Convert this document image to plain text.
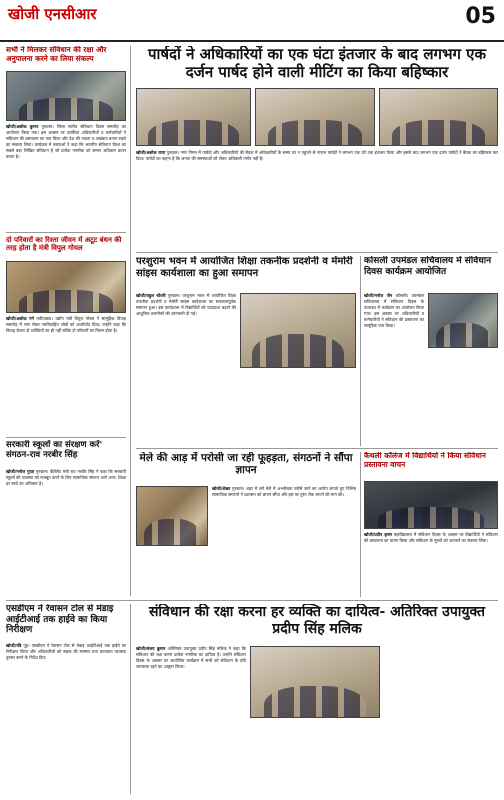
खोजी एनसीआर	05
सभी ने मिलकर संविधान की रक्षा और अनुपालना करने का लिया संकल्प
खोजी/अशोक कुमार गुरुग्राम। जिला स्तरीय संविधान दिवस समारोह का आयोजन किया गया। इस अवसर पर उपस्थित अधिकारियों व कर्मचारियों ने संविधान की प्रस्तावना का पाठ किया और देश की एकता व अखंडता बनाए रखने का संकल्प लिया। कार्यक्रम में वक्ताओं ने कहा कि भारतीय संविधान विश्व का सबसे बड़ा लिखित संविधान है जो प्रत्येक नागरिक को समान अधिकार प्रदान करता है।
दो परिवारों का रिश्ता जीवन में अटूट बंधन की तरह होता है मंत्री विपुल गोयल
खोजी/अशोक गर्ग फरीदाबाद। उद्योग मंत्री विपुल गोयल ने सामूहिक विवाह समारोह में भाग लेकर नवविवाहित जोड़ों को आशीर्वाद दिया। उन्होंने कहा कि विवाह केवल दो व्यक्तियों का ही नहीं बल्कि दो परिवारों का मिलन होता है।
सरकारी स्कूलों का संरक्षण करें' संगठन-राव नरबीर सिंह
खोजी/मनोज गुप्ता गुरुग्राम। कैबिनेट मंत्री राव नरबीर सिंह ने कहा कि सरकारी स्कूलों की व्यवस्था को मजबूत करने के लिए सामाजिक संगठन आगे आएं। शिक्षा हर बच्चे का अधिकार है।
पार्षदों ने अधिकारियों का एक घंटा इंतजार के बाद लगभग एक दर्जन पार्षद होने वाली मीटिंग का किया बहिष्कार
खोजी/अशोक राणा गुरुग्राम। नगर निगम में पार्षदों और अधिकारियों की बैठक में अधिकारियों के समय पर न पहुंचने से नाराज पार्षदों ने लगभग एक घंटे तक इंतजार किया और इसके बाद लगभग एक दर्जन पार्षदों ने बैठक का बहिष्कार कर दिया। पार्षदों का कहना है कि जनता की समस्याओं को लेकर अधिकारी गंभीर नहीं हैं।
परशुराम भवन में आयोजित शिक्षा तकनीक प्रदर्शनी व मेंमोरी सांइस कार्यशाला का हुआ समापन
खोजी/राहुल चौधरी गुरुग्राम। परशुराम भवन में आयोजित शिक्षा तकनीक प्रदर्शनी व मेमोरी साइंस कार्यशाला का सफलतापूर्वक समापन हुआ। इस कार्यशाला में विद्यार्थियों को याददाश्त बढ़ाने की आधुनिक तकनीकों की जानकारी दी गई।
कोसली उपमंडल सचिवालय में संविधान दिवस कार्यक्रम आयोजित
खोजी/मनोज जैन कोसली। उपमंडल सचिवालय में संविधान दिवस के उपलक्ष्य में कार्यक्रम का आयोजन किया गया। इस अवसर पर अधिकारियों व कर्मचारियों ने संविधान की प्रस्तावना का सामूहिक पाठ किया।
मेले की आड़ में परोसी जा रही फूहड़ता, संगठनों ने सौंपा ज्ञापन
खोजी/शेखर गुरुग्राम। शहर में लगे मेले में अश्लीलता परोसे जाने का आरोप लगाते हुए विभिन्न सामाजिक संगठनों ने प्रशासन को ज्ञापन सौंपा और इस पर तुरंत रोक लगाने की मांग की।
कैथली कॉलेज में विद्यार्थियों ने किया संविधान प्रस्तावना वाचन
खोजी/प्रदीप कृष्ण महाविद्यालय में संविधान दिवस के अवसर पर विद्यार्थियों ने संविधान की प्रस्तावना का वाचन किया और संविधान के मूल्यों को अपनाने का संकल्प लिया।
एसडीएम ने रेवासन टोल से मंडाइ आईटीआई तक हाईवे का किया निरीक्षण
खोजी/रवि नूंह। एसडीएम ने रेवासन टोल से मंडाइ आईटीआई तक हाईवे का निरीक्षण किया और अधिकारियों को सड़क की मरम्मत तथा यातायात व्यवस्था दुरुस्त करने के निर्देश दिए।
संविधान की रक्षा करना हर व्यक्ति का दायित्व- अतिरिक्त उपायुक्त प्रदीप सिंह मलिक
खोजी/संजय कुमार अतिरिक्त उपायुक्त प्रदीप सिंह मलिक ने कहा कि संविधान की रक्षा करना प्रत्येक नागरिक का दायित्व है। उन्होंने संविधान दिवस के अवसर पर आयोजित कार्यक्रम में सभी को संविधान के प्रति जागरूक रहने का आह्वान किया।
